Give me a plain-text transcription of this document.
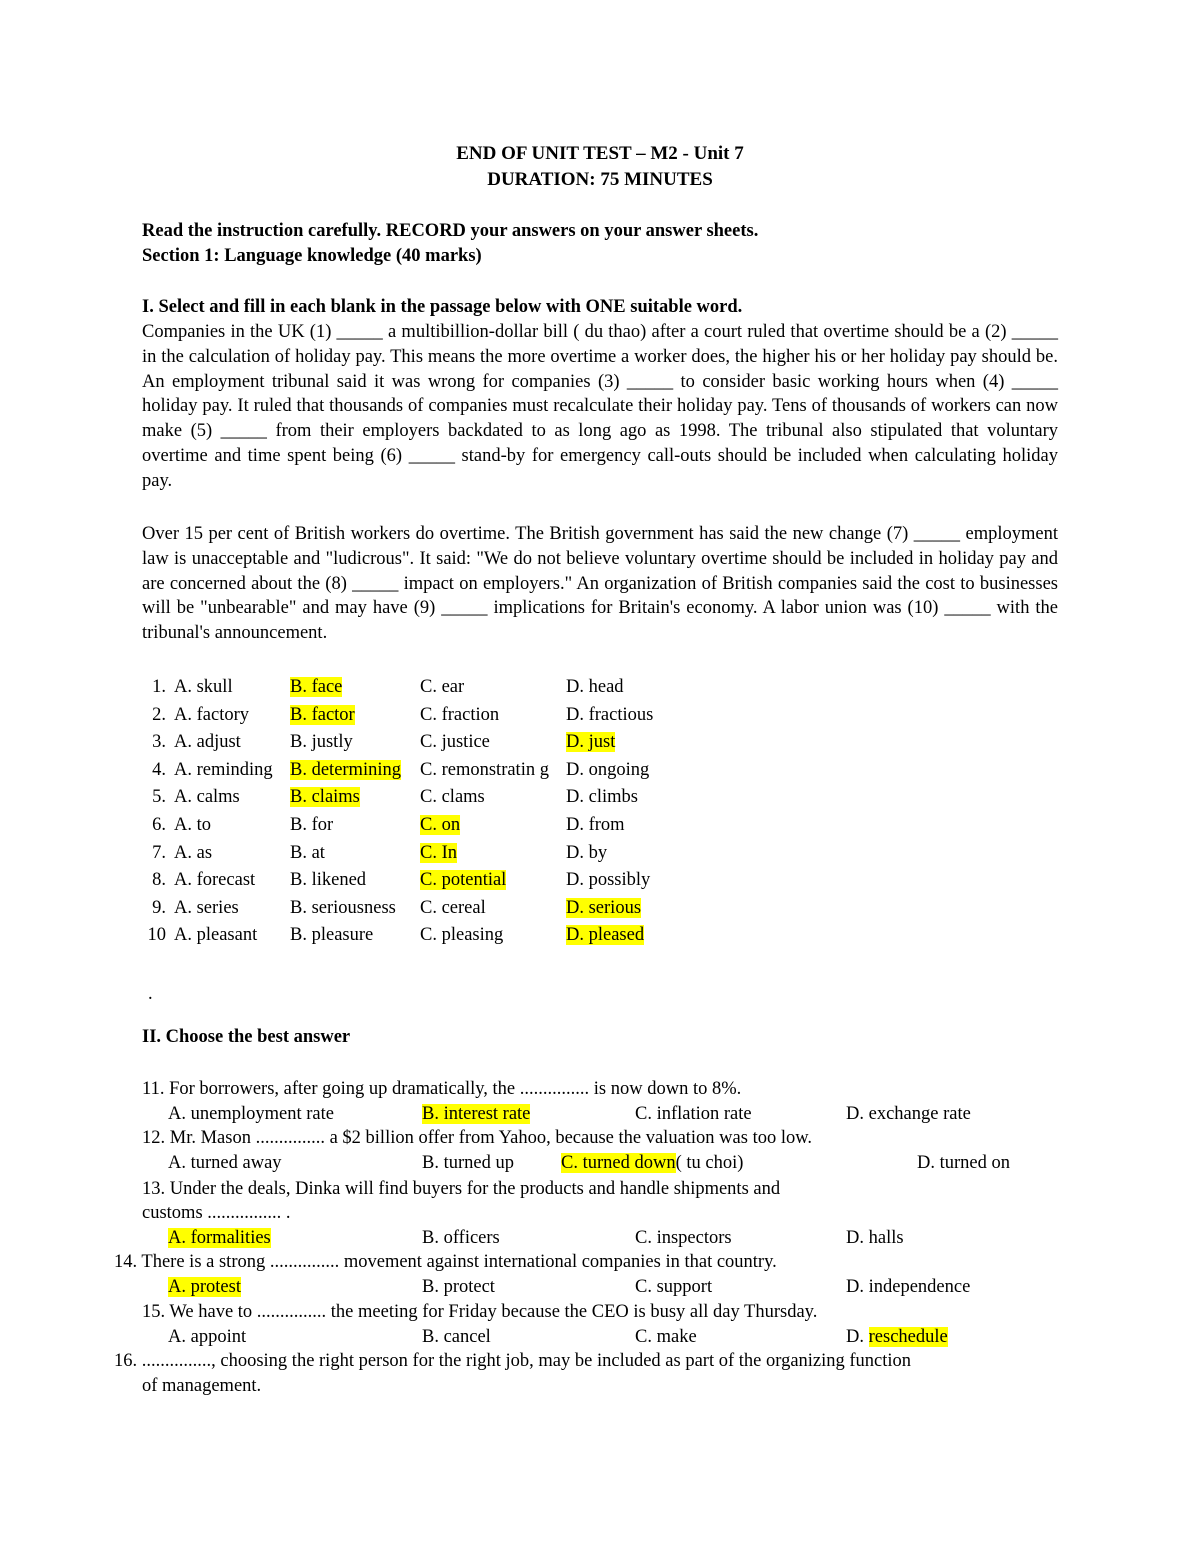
END OF UNIT TEST – M2 - Unit 7
DURATION: 75 MINUTES
Read the instruction carefully. RECORD your answers on your answer sheets.
Section 1: Language knowledge (40 marks)
I. Select and fill in each blank in the passage below with ONE suitable word.

Companies in the UK (1) _____ a multibillion-dollar bill ( du thao) after a court ruled that overtime should be a (2) _____ in the calculation of holiday pay. This means the more overtime a worker does, the higher his or her holiday pay should be. An employment tribunal said it was wrong for companies (3) _____ to consider basic working hours when (4) _____ holiday pay. It ruled that thousands of companies must recalculate their holiday pay. Tens of thousands of workers can now make (5) _____ from their employers backdated to as long ago as 1998. The tribunal also stipulated that voluntary overtime and time spent being (6) _____ stand-by for emergency call-outs should be included when calculating holiday pay.

Over 15 per cent of British workers do overtime. The British government has said the new change (7) _____ employment law is unacceptable and "ludicrous". It said: "We do not believe voluntary overtime should be included in holiday pay and are concerned about the (8) _____ impact on employers." An organization of British companies said the cost to businesses will be "unbearable" and may have (9) _____ implications for Britain's economy. A labor union was (10) _____ with the tribunal's announcement.

1.	A. skull	B. face	C. ear	D. head
2.	A. factory	B. factor	C. fraction	D. fractious
3.	A. adjust	B. justly	C. justice	D. just
4.	A. reminding	B. determining	C. remonstratin g	D. ongoing
5.	A. calms	B. claims	C. clams	D. climbs
6.	A. to	B. for	C. on	D. from
7.	A. as	B. at	C. In	D. by
8.	A. forecast	B. likened	C. potential	D. possibly
9.	A. series	B. seriousness	C. cereal	D. serious
10	A. pleasant	B. pleasure	C. pleasing	D. pleased
.
II. Choose the best answer
11. For borrowers, after going up dramatically, the ............... is now down to 8%.
A. unemployment rate	B. interest rate	C. inflation rate	D. exchange rate
12. Mr. Mason ............... a $2 billion offer from Yahoo, because the valuation was too low.
A. turned away	B. turned up	C. turned down( tu choi)	D. turned on
13. Under the deals, Dinka will find buyers for the products and handle shipments and
customs ................ .
A. formalities	B. officers	C. inspectors	D. halls
14. There is a strong ............... movement against international companies in that country.
A. protest	B. protect	C. support	D. independence
15. We have to ............... the meeting for Friday because the CEO is busy all day Thursday.
A. appoint	B. cancel	C. make	D. reschedule
16. ..............., choosing the right person for the right job, may be included as part of the organizing function
of management.
